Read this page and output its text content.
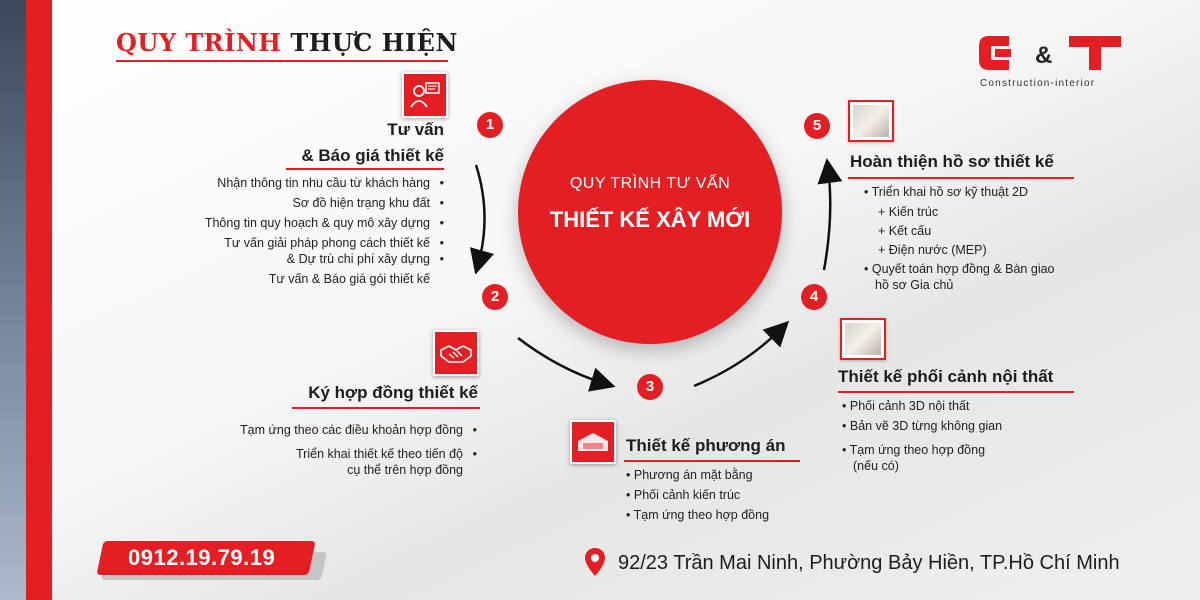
QUY TRÌNH THỰC HIỆN	&
Construction-interior
QUY TRÌNH TƯ VẤN
THIẾT KẾ XÂY MỚI
1
2
3
4
5
Tư vấn
& Báo giá thiết kế
Nhận thông tin nhu cầu từ khách hàng •
Sơ đồ hiện trạng khu đất •
Thông tin quy hoạch & quy mô xây dựng •
Tư vấn giải pháp phong cách thiết kế •
& Dự trù chi phí xây dựng •
Tư vấn & Báo giá gói thiết kế
Ký hợp đồng thiết kế
Tạm ứng theo các điều khoản hợp đồng •
Triển khai thiết kế theo tiến độ •
cụ thể trên hợp đồng
Thiết kế phương án
• Phương án mặt bằng
• Phối cảnh kiến trúc
• Tạm ứng theo hợp đồng
Thiết kế phối cảnh nội thất
• Phối cảnh 3D nội thất
• Bản vẽ 3D từng không gian
• Tạm ứng theo hợp đồng
(nếu có)
Hoàn thiện hồ sơ thiết kế
• Triển khai hồ sơ kỹ thuật 2D
+ Kiến trúc
+ Kết cấu
+ Điện nước (MEP)
• Quyết toán hợp đồng & Bàn giao
hồ sơ Gia chủ
0912.19.79.19	92/23 Trần Mai Ninh, Phường Bảy Hiền, TP.Hồ Chí Minh
